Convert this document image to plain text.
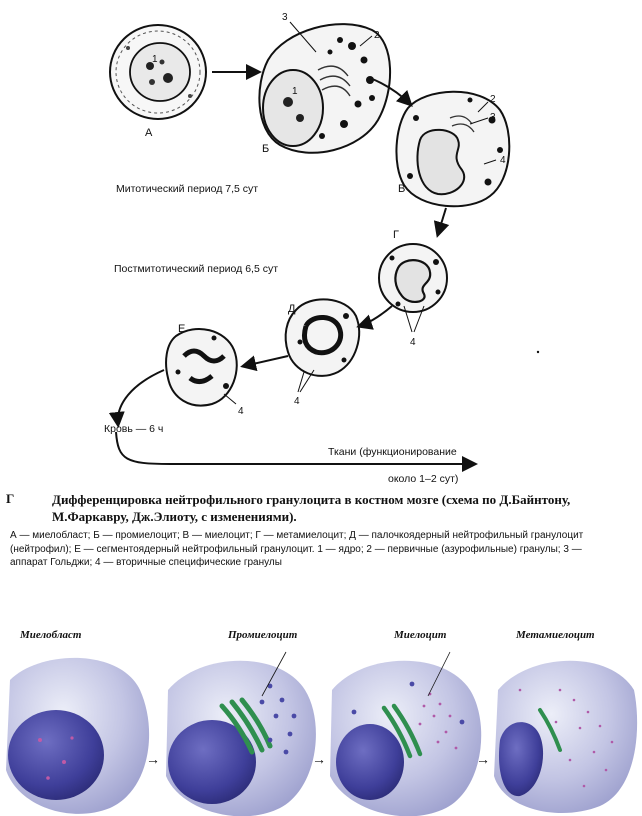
А
Б
В
Г
Д
Е
1
3
2
1
2
3
4
4
4
4
Митотический период 7,5 сут
Постмитотический период 6,5 сут
Кровь — 6 ч
Ткани (функционирование
около 1–2 сут)
Миелобласт	Промиелоцит	Миелоцит	Метамиелоцит
→	→	→
Г	Дифференцировка нейтрофильного гранулоцита в костном мозге (схема по Д.Байнтону, М.Фаркавру, Дж.Элиоту, с изменениями).
А — миелобласт; Б — промиелоцит; В — миелоцит; Г — метамиелоцит; Д — палочкоядерный нейтрофильный гранулоцит (нейтрофил); Е — сегментоядерный нейтрофильный гранулоцит. 1 — ядро; 2 — первичные (азурофильные) гранулы; 3 — аппарат Гольджи; 4 — вторичные специфические гранулы
